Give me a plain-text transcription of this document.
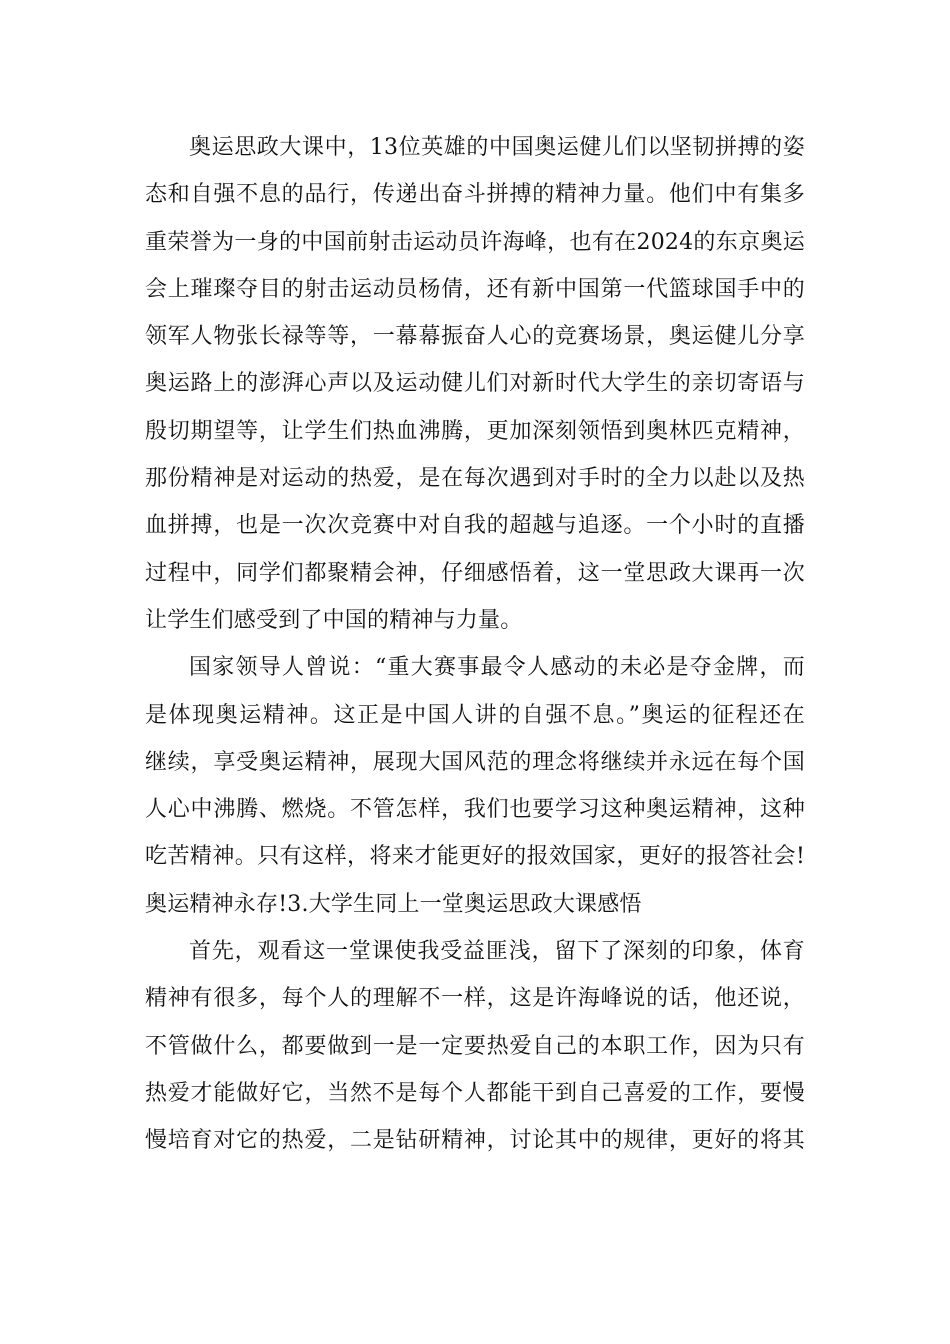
奥运思政大课中，13位英雄的中国奥运健儿们以坚韧拼搏的姿
态和自强不息的品行，传递出奋斗拼搏的精神力量。他们中有集多
重荣誉为一身的中国前射击运动员许海峰，也有在2024的东京奥运
会上璀璨夺目的射击运动员杨倩，还有新中国第一代篮球国手中的
领军人物张长禄等等，一幕幕振奋人心的竞赛场景，奥运健儿分享
奥运路上的澎湃心声以及运动健儿们对新时代大学生的亲切寄语与
殷切期望等，让学生们热血沸腾，更加深刻领悟到奥林匹克精神，
那份精神是对运动的热爱，是在每次遇到对手时的全力以赴以及热
血拼搏，也是一次次竞赛中对自我的超越与追逐。一个小时的直播
过程中，同学们都聚精会神，仔细感悟着，这一堂思政大课再一次
让学生们感受到了中国的精神与力量。
国家领导人曾说：“重大赛事最令人感动的未必是夺金牌，而
是体现奥运精神。这正是中国人讲的自强不息。”奥运的征程还在
继续，享受奥运精神，展现大国风范的理念将继续并永远在每个国
人心中沸腾、燃烧。不管怎样，我们也要学习这种奥运精神，这种
吃苦精神。只有这样，将来才能更好的报效国家，更好的报答社会!
奥运精神永存!3.大学生同上一堂奥运思政大课感悟
首先，观看这一堂课使我受益匪浅，留下了深刻的印象，体育
精神有很多，每个人的理解不一样，这是许海峰说的话，他还说，
不管做什么，都要做到一是一定要热爱自己的本职工作，因为只有
热爱才能做好它，当然不是每个人都能干到自己喜爱的工作，要慢
慢培育对它的热爱，二是钻研精神，讨论其中的规律，更好的将其
